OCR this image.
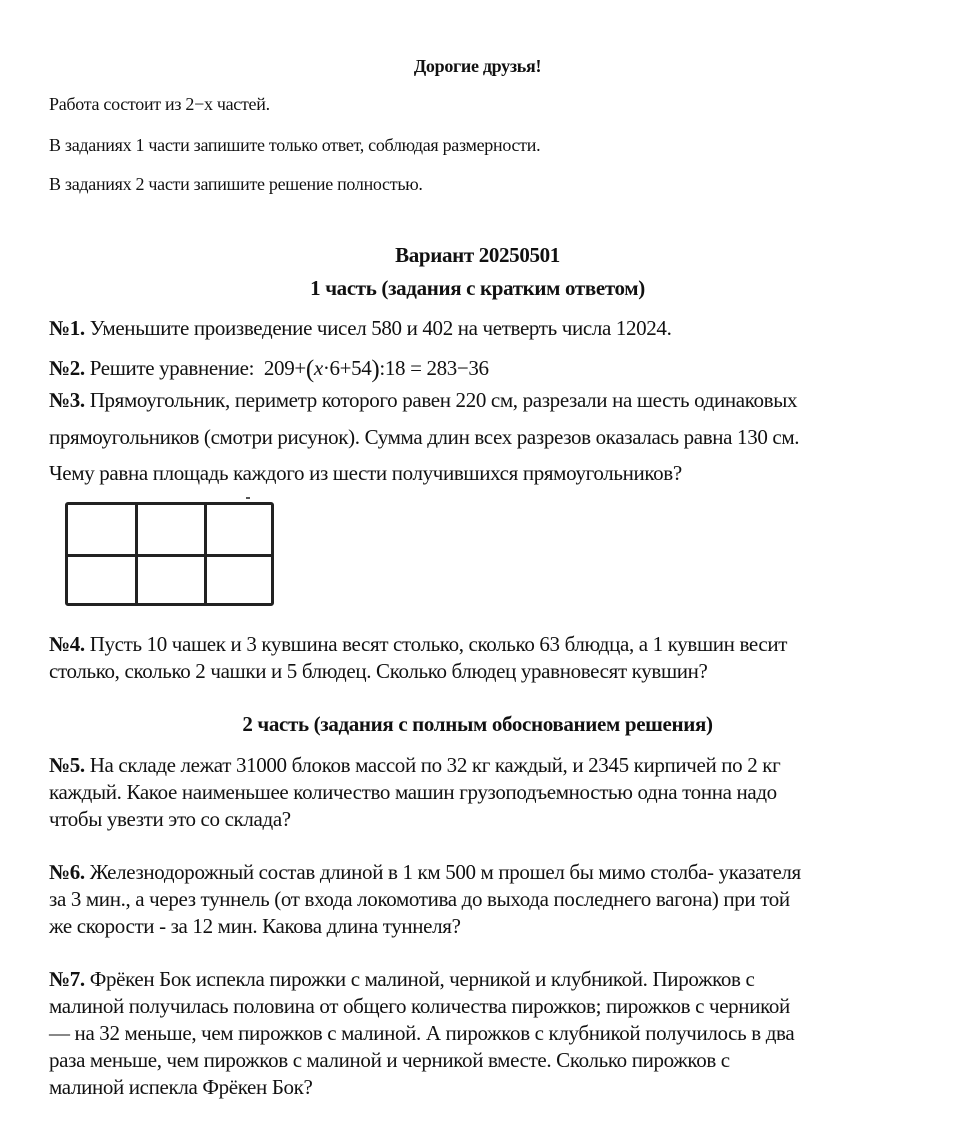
Дорогие друзья!
Работа состоит из 2−х частей.
В заданиях 1 части запишите только ответ, соблюдая размерности.
В заданиях 2 части запишите решение полностью.
Вариант 20250501
1 часть (задания с кратким ответом)
№1. Уменьшите произведение чисел 580 и 402 на четверть числа 12024.
№2. Решите уравнение: 209+(x·6+54):18 = 283−36
№3. Прямоугольник, периметр которого равен 220 см, разрезали на шесть одинаковых
прямоугольников (смотри рисунок). Сумма длин всех разрезов оказалась равна 130 см.
Чему равна площадь каждого из шести получившихся прямоугольников?
№4. Пусть 10 чашек и 3 кувшина весят столько, сколько 63 блюдца, а 1 кувшин весит
столько, сколько 2 чашки и 5 блюдец. Сколько блюдец уравновесят кувшин?
2 часть (задания с полным обоснованием решения)
№5. На складе лежат 31000 блоков массой по 32 кг каждый, и 2345 кирпичей по 2 кг
каждый. Какое наименьшее количество машин грузоподъемностью одна тонна надо
чтобы увезти это со склада?
№6. Железнодорожный состав длиной в 1 км 500 м прошел бы мимо столба- указателя
за 3 мин., а через туннель (от входа локомотива до выхода последнего вагона) при той
же скорости - за 12 мин. Какова длина туннеля?
№7. Фрёкен Бок испекла пирожки с малиной, черникой и клубникой. Пирожков с
малиной получилась половина от общего количества пирожков; пирожков с черникой
— на 32 меньше, чем пирожков с малиной. А пирожков с клубникой получилось в два
раза меньше, чем пирожков с малиной и черникой вместе. Сколько пирожков с
малиной испекла Фрёкен Бок?
